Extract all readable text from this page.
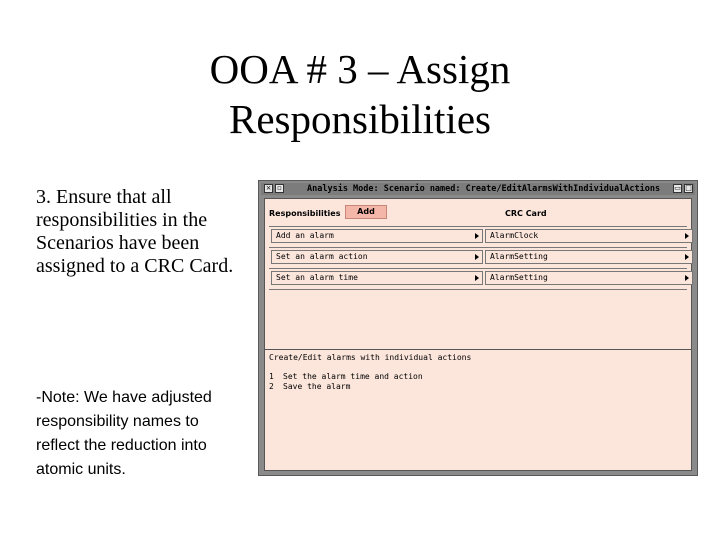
OOA # 3 – Assign
Responsibilities
3. Ensure that all responsibilities in the Scenarios have been assigned to a CRC Card.
-Note: We have adjusted responsibility names to reflect the reduction into atomic units.
× ▫	Analysis Mode: Scenario named: Create/EditAlarmsWithIndividualActions ▭ □
Responsibilities	Add	CRC Card
Add an alarm	AlarmClock
Set an alarm action	AlarmSetting
Set an alarm time	AlarmSetting
Create/Edit alarms with individual actions
1 Set the alarm time and action
2 Save the alarm
